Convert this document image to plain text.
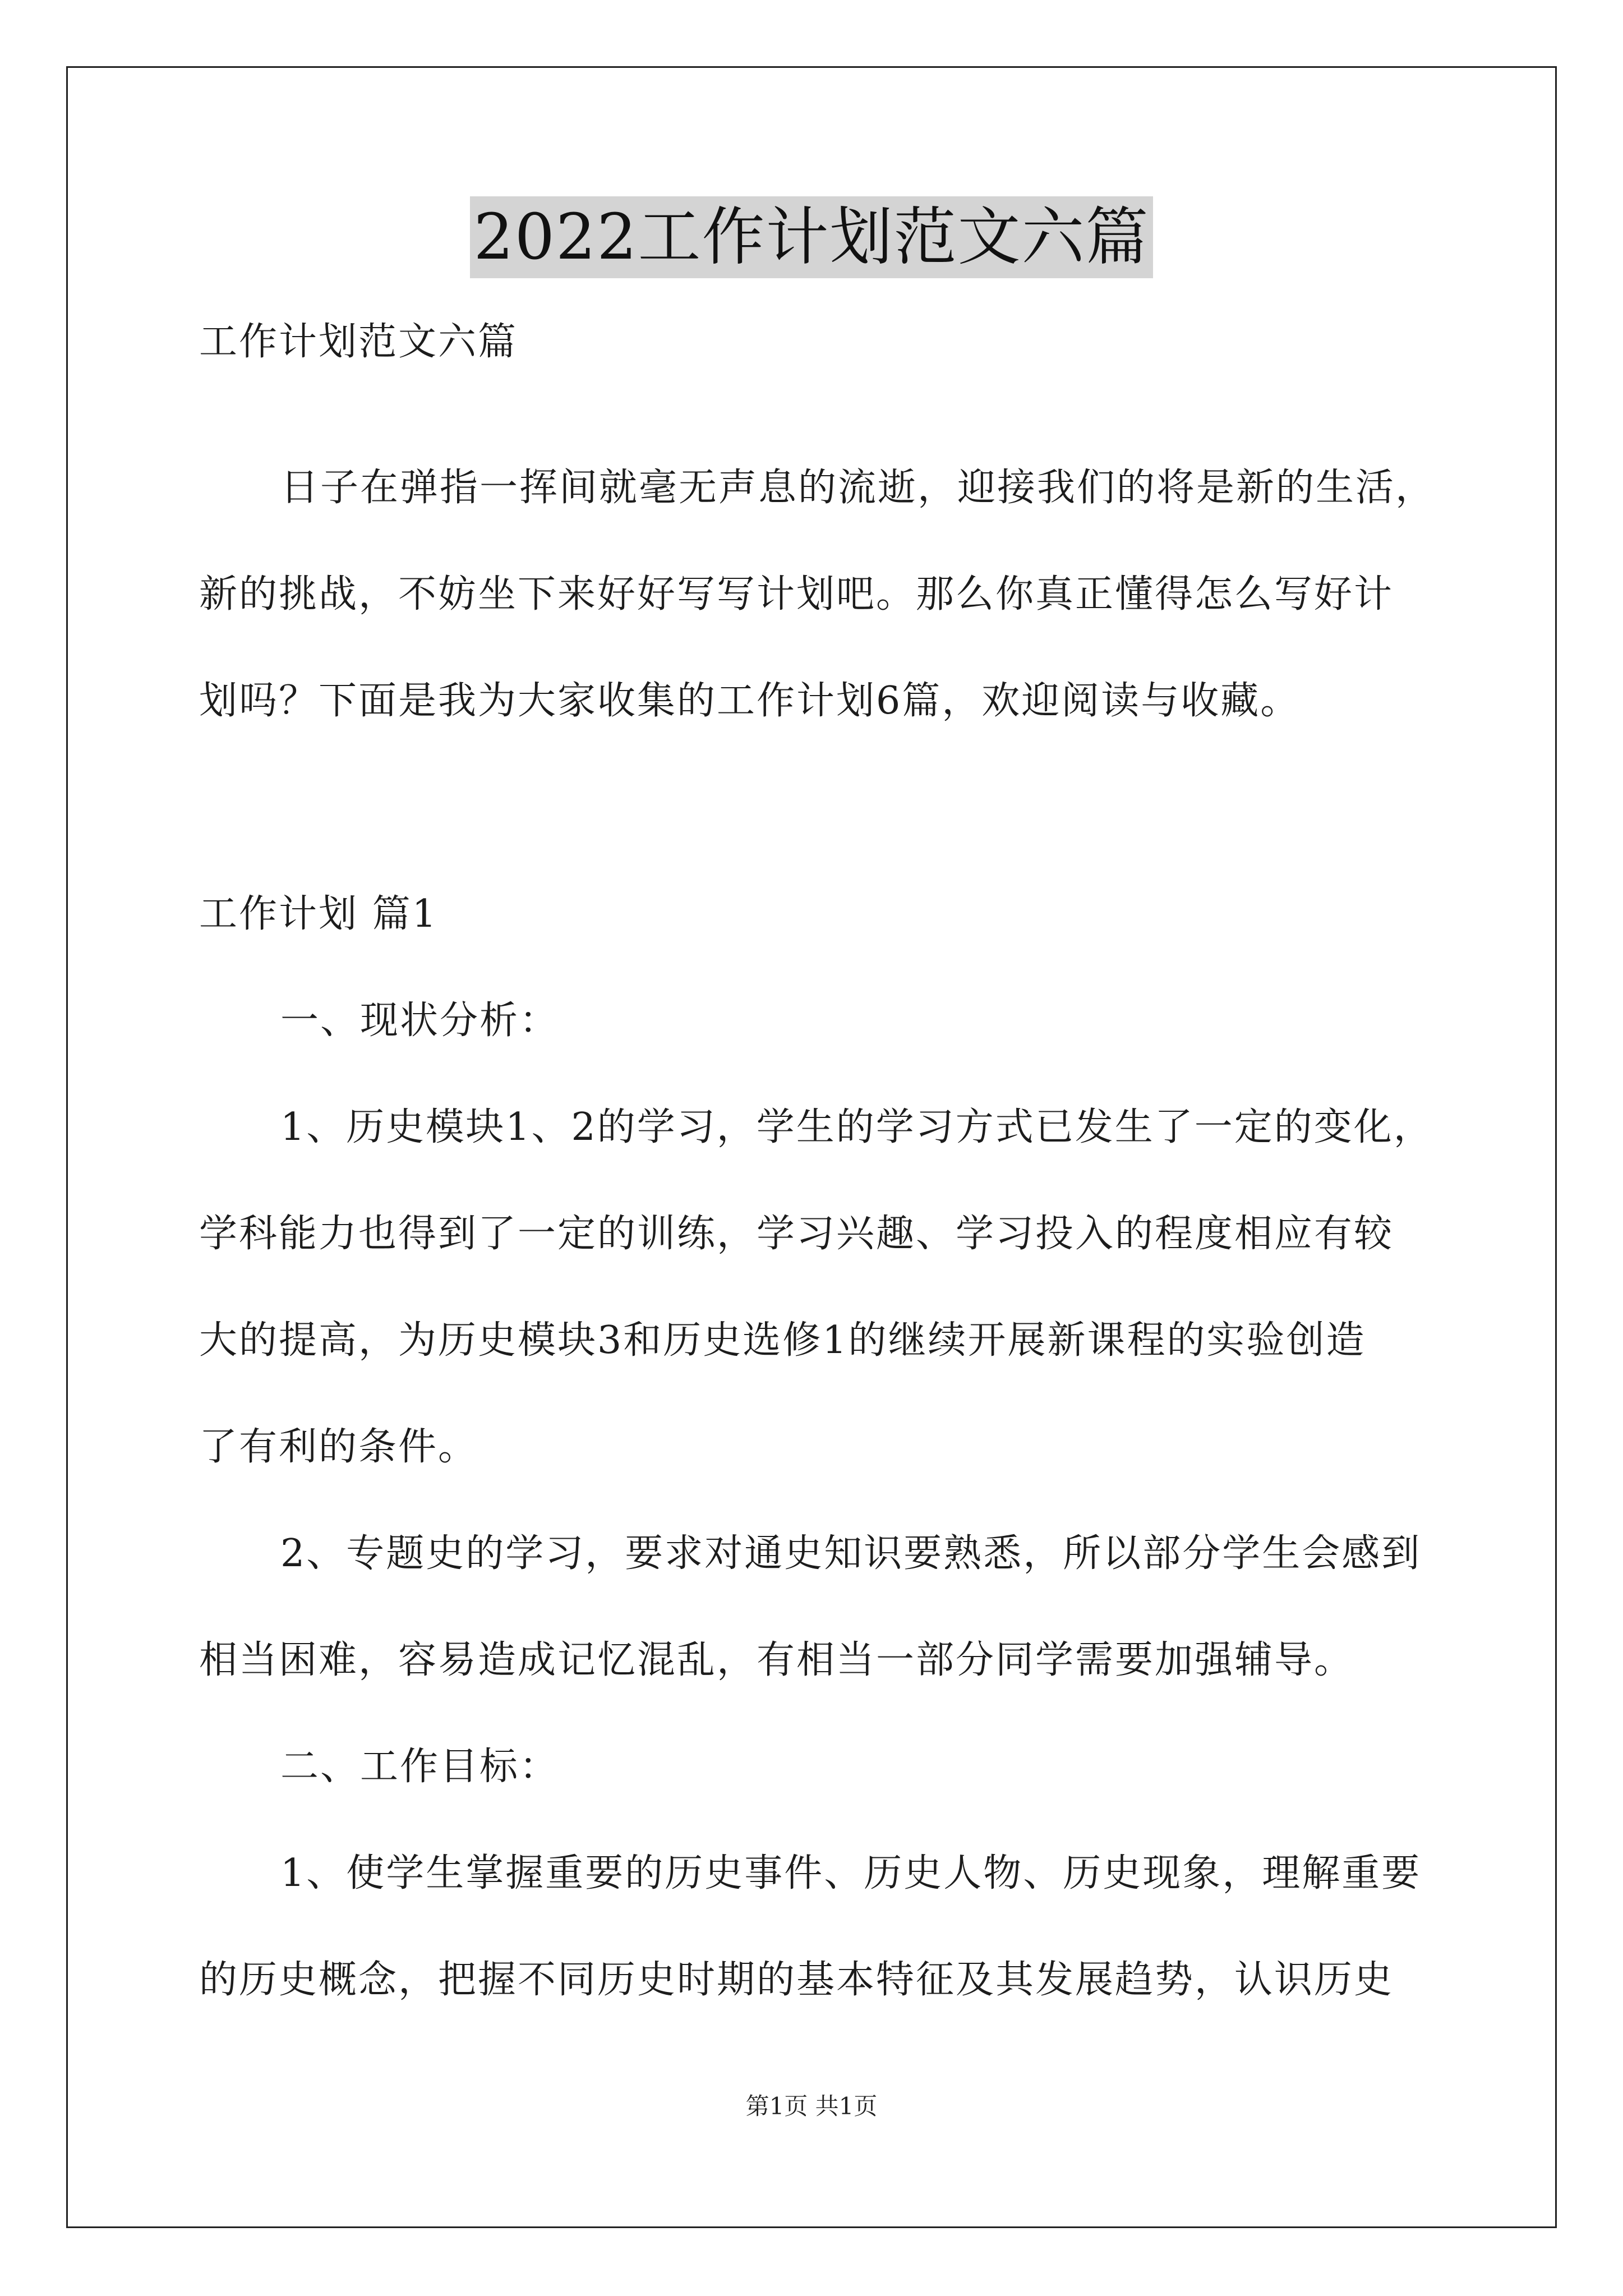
2022工作计划范文六篇
工作计划范文六篇
日子在弹指一挥间就毫无声息的流逝，迎接我们的将是新的生活，
新的挑战，不妨坐下来好好写写计划吧。那么你真正懂得怎么写好计
划吗？下面是我为大家收集的工作计划6篇，欢迎阅读与收藏。
工作计划 篇1
一、现状分析：
1、历史模块1、2的学习，学生的学习方式已发生了一定的变化，
学科能力也得到了一定的训练，学习兴趣、学习投入的程度相应有较
大的提高，为历史模块3和历史选修1的继续开展新课程的实验创造
了有利的条件。
2、专题史的学习，要求对通史知识要熟悉，所以部分学生会感到
相当困难，容易造成记忆混乱，有相当一部分同学需要加强辅导。
二、工作目标：
1、使学生掌握重要的历史事件、历史人物、历史现象，理解重要
的历史概念，把握不同历史时期的基本特征及其发展趋势，认识历史
第1页 共1页
